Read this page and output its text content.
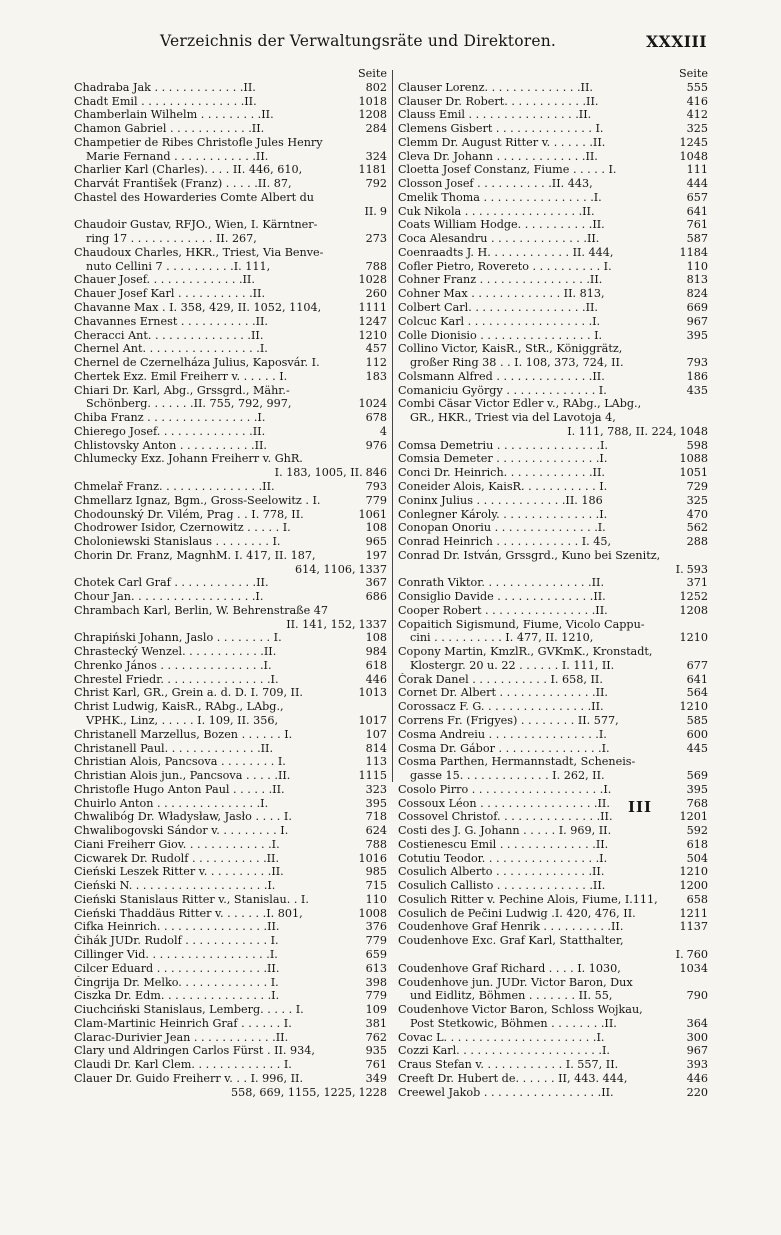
Verzeichnis der Verwaltungsräte und Direktoren.	XXXIII
Seite
Chadraba Jak . . . . . . . . . . . . .II.	802
Chadt Emil . . . . . . . . . . . . . . .II.	1018
Chamberlain Wilhelm . . . . . . . . .II.	1208
Chamon Gabriel . . . . . . . . . . . .II.	284
Champetier de Ribes Christofle Jules Henry
Marie Fernand . . . . . . . . . . . .II.	324
Charlier Karl (Charles). . . . II. 446, 610,	1181
Charvát František (Franz) . . . . .II. 87,	792
Chastel des Howarderies Comte Albert du
II. 9
Chaudoir Gustav, RFJO., Wien, I. Kärntner-
ring 17 . . . . . . . . . . . . II. 267,	273
Chaudoux Charles, HKR., Triest, Via Benve-
nuto Cellini 7 . . . . . . . . . .I. 111,	788
Chauer Josef. . . . . . . . . . . . . .II.	1028
Chauer Josef Karl . . . . . . . . . . .II.	260
Chavanne Max . I. 358, 429, II. 1052, 1104,	1111
Chavannes Ernest . . . . . . . . . . .II.	1247
Cheracci Ant. . . . . . . . . . . . . . .II.	1210
Chernel Ant. . . . . . . . . . . . . . . . .I.	457
Chernel de Czernelháza Julius, Kaposvár. I.	112
Chertek Exz. Emil Freiherr v. . . . . . I.	183
Chiari Dr. Karl, Abg., Grssgrd., Mähr.-
Schönberg. . . . . . .II. 755, 792, 997,	1024
Chiba Franz . . . . . . . . . . . . . . . .I.	678
Chierego Josef. . . . . . . . . . . . . .II.	4
Chlistovsky Anton . . . . . . . . . . .II.	976
Chlumecky Exz. Johann Freiherr v. GhR.
I. 183, 1005, II. 846
Chmelař Franz. . . . . . . . . . . . . . .II.	793
Chmellarz Ignaz, Bgm., Gross-Seelowitz . I.	779
Chodounský Dr. Vilém, Prag . . I. 778, II.	1061
Chodrower Isidor, Czernowitz . . . . . I.	108
Choloniewski Stanislaus . . . . . . . . I.	965
Chorin Dr. Franz, MagnhM. I. 417, II. 187,	197
614, 1106, 1337
Chotek Carl Graf . . . . . . . . . . . .II.	367
Chour Jan. . . . . . . . . . . . . . . . . .I.	686
Chrambach Karl, Berlin, W. Behrenstraße 47
II. 141, 152, 1337
Chrapiński Johann, Jaslo . . . . . . . . I.	108
Chrastecký Wenzel. . . . . . . . . . . .II.	984
Chrenko János . . . . . . . . . . . . . . .I.	618
Chrestel Friedr. . . . . . . . . . . . . . . .I.	446
Christ Karl, GR., Grein a. d. D. I. 709, II.	1013
Christ Ludwig, KaisR., RAbg., LAbg.,
VPHK., Linz, . . . . . I. 109, II. 356,	1017
Christanell Marzellus, Bozen . . . . . . I.	107
Christanell Paul. . . . . . . . . . . . . .II.	814
Christian Alois, Pancsova . . . . . . . . I.	113
Christian Alois jun., Pancsova . . . . .II.	1115
Christofle Hugo Anton Paul . . . . . .II.	323
Chuirlo Anton . . . . . . . . . . . . . . .I.	395
Chwalibóg Dr. Władysław, Jasło . . . . I.	718
Chwalibogovski Sándor v. . . . . . . . . I.	624
Ciani Freiherr Giov. . . . . . . . . . . . .I.	788
Cicwarek Dr. Rudolf . . . . . . . . . . .II.	1016
Cieński Leszek Ritter v. . . . . . . . . .II.	985
Cieński N. . . . . . . . . . . . . . . . . . . .I.	715
Cieński Stanislaus Ritter v., Stanislau. . I.	110
Cieński Thaddäus Ritter v. . . . . . .I. 801,	1008
Cifka Heinrich. . . . . . . . . . . . . . . .II.	376
Čihák JUDr. Rudolf . . . . . . . . . . . . I.	779
Cillinger Vid. . . . . . . . . . . . . . . . . .I.	659
Cilcer Eduard . . . . . . . . . . . . . . . .II.	613
Čingrija Dr. Melko. . . . . . . . . . . . . I.	398
Ciszka Dr. Edm. . . . . . . . . . . . . . . .I.	779
Ciuchciński Stanislaus, Lemberg. . . . . I.	109
Clam-Martinic Heinrich Graf . . . . . . I.	381
Clarac-Durivier Jean . . . . . . . . . . . .II.	762
Clary und Aldringen Carlos Fürst . II. 934,	935
Claudi Dr. Karl Clem. . . . . . . . . . . . . I.	761
Clauer Dr. Guido Freiherr v. . . I. 996, II.	349
558, 669, 1155, 1225, 1228
Seite
Clauser Lorenz. . . . . . . . . . . . . .II.	555
Clauser Dr. Robert. . . . . . . . . . . .II.	416
Clauss Emil . . . . . . . . . . . . . . . .II.	412
Clemens Gisbert . . . . . . . . . . . . . . I.	325
Clemm Dr. August Ritter v. . . . . . .II.	1245
Cleva Dr. Johann . . . . . . . . . . . . .II.	1048
Cloetta Josef Constanz, Fiume . . . . . I.	111
Closson Josef . . . . . . . . . . .II. 443,	444
Cmelik Thoma . . . . . . . . . . . . . . . .I.	657
Cuk Nikola . . . . . . . . . . . . . . . . .II.	641
Coats William Hodge. . . . . . . . . . .II.	761
Coca Alesandru . . . . . . . . . . . . . .II.	587
Coenraadts J. H. . . . . . . . . . . . II. 444,	1184
Cofler Pietro, Rovereto . . . . . . . . . . I.	110
Cohner Franz . . . . . . . . . . . . . . . .II.	813
Cohner Max . . . . . . . . . . . . . II. 813,	824
Colbert Carl. . . . . . . . . . . . . . . . .II.	669
Colcuc Karl . . . . . . . . . . . . . . . . . .I.	967
Colle Dionisio . . . . . . . . . . . . . . . . I.	395
Collino Victor, KaisR., StR., Königgrätz,
großer Ring 38 . . I. 108, 373, 724, II.	793
Colsmann Alfred . . . . . . . . . . . . . .II.	186
Comaniciu György . . . . . . . . . . . . . I.	435
Combi Cäsar Victor Edler v., RAbg., LAbg.,
GR., HKR., Triest via del Lavotoja 4,
I. 111, 788, II. 224, 1048
Comsa Demetriu . . . . . . . . . . . . . . .I.	598
Comsia Demeter . . . . . . . . . . . . . . .I.	1088
Conci Dr. Heinrich. . . . . . . . . . . . .II.	1051
Coneider Alois, KaisR. . . . . . . . . . . I.	729
Coninx Julius . . . . . . . . . . . . .II. 186	325
Conlegner Károly. . . . . . . . . . . . . . .I.	470
Conopan Onoriu . . . . . . . . . . . . . . .I.	562
Conrad Heinrich . . . . . . . . . . . . I. 45,	288
Conrad Dr. István, Grssgrd., Kuno bei Szenitz,
I. 593
Conrath Viktor. . . . . . . . . . . . . . . .II.	371
Consiglio Davide . . . . . . . . . . . . . .II.	1252
Cooper Robert . . . . . . . . . . . . . . . .II.	1208
Copaitich Sigismund, Fiume, Vicolo Cappu-
cini . . . . . . . . . . I. 477, II. 1210,	1210
Copony Martin, KmzlR., GVKmK., Kronstadt,
Klostergr. 20 u. 22 . . . . . . I. 111, II.	677
Čorak Danel . . . . . . . . . . . I. 658, II.	641
Cornet Dr. Albert . . . . . . . . . . . . . .II.	564
Corossacz F. G. . . . . . . . . . . . . . . .II.	1210
Correns Fr. (Frigyes) . . . . . . . . II. 577,	585
Cosma Andreiu . . . . . . . . . . . . . . . .I.	600
Cosma Dr. Gábor . . . . . . . . . . . . . . .I.	445
Cosma Parthen, Hermannstadt, Scheneis-
gasse 15. . . . . . . . . . . . . I. 262, II.	569
Cosolo Pirro . . . . . . . . . . . . . . . . . . .I.	395
Cossoux Léon . . . . . . . . . . . . . . . . .II.	768
Cossovel Christof. . . . . . . . . . . . . . .II.	1201
Costi des J. G. Johann . . . . . I. 969, II.	592
Costienescu Emil . . . . . . . . . . . . . .II.	618
Cotutiu Teodor. . . . . . . . . . . . . . . . .I.	504
Cosulich Alberto . . . . . . . . . . . . . .II.	1210
Cosulich Callisto . . . . . . . . . . . . . .II.	1200
Cosulich Ritter v. Pechine Alois, Fiume, I.111,	658
Cosulich de Pečini Ludwig .I. 420, 476, II.	1211
Coudenhove Graf Henrik . . . . . . . . . .II.	1137
Coudenhove Exc. Graf Karl, Statthalter,
I. 760
Coudenhove Graf Richard . . . . I. 1030,	1034
Coudenhove jun. JUDr. Victor Baron, Dux
und Eidlitz, Böhmen . . . . . . . II. 55,	790
Coudenhove Victor Baron, Schloss Wojkau,
Post Stetkowic, Böhmen . . . . . . . .II.	364
Covac L. . . . . . . . . . . . . . . . . . . . . .I.	300
Cozzi Karl. . . . . . . . . . . . . . . . . . . . .I.	967
Craus Stefan v. . . . . . . . . . . . I. 557, II.	393
Creeft Dr. Hubert de. . . . . . II, 443. 444,	446
Creewel Jakob . . . . . . . . . . . . . . . . .II.	220
III
